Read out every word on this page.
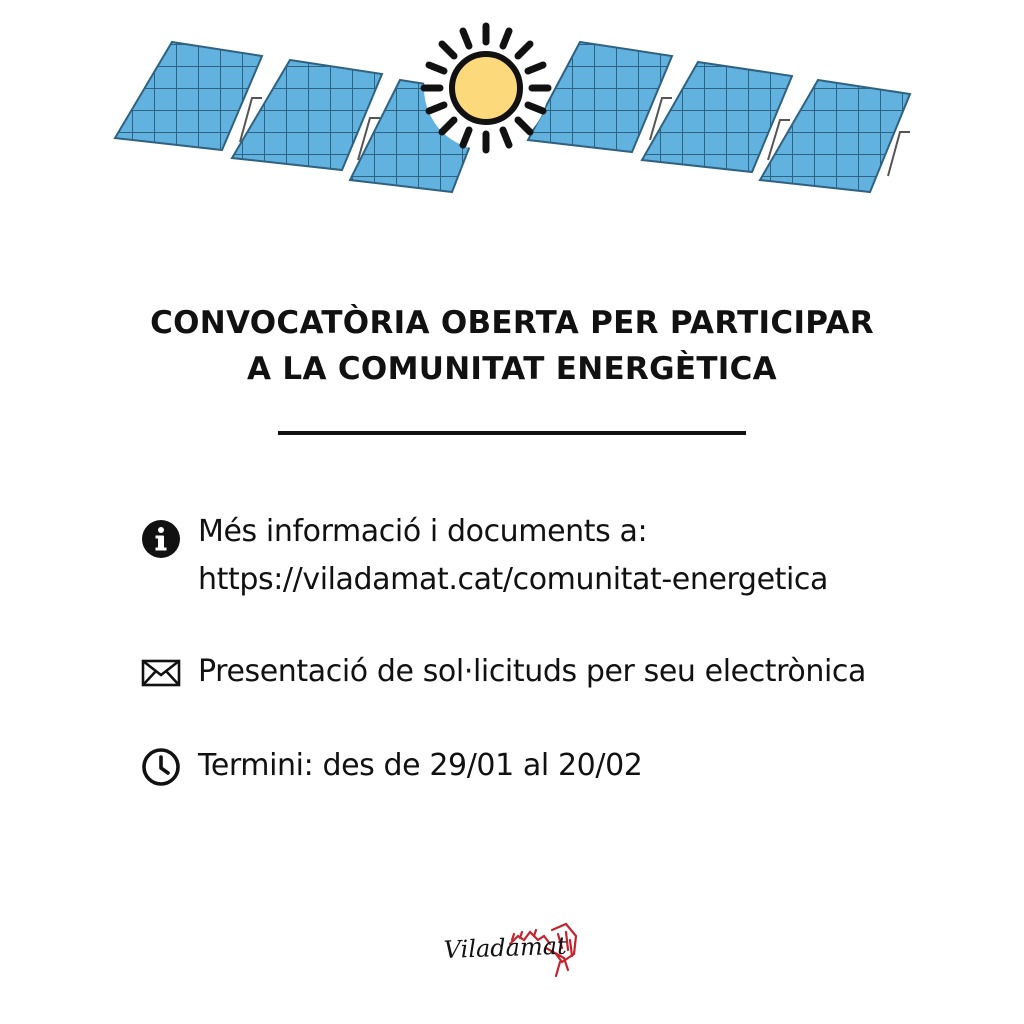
CONVOCATÒRIA OBERTA PER PARTICIPAR
A LA COMUNITAT ENERGÈTICA
Més informació i documents a:
https://viladamat.cat/comunitat-energetica
Presentació de sol·licituds per seu electrònica
Termini: des de 29/01 al 20/02
Viladamat
